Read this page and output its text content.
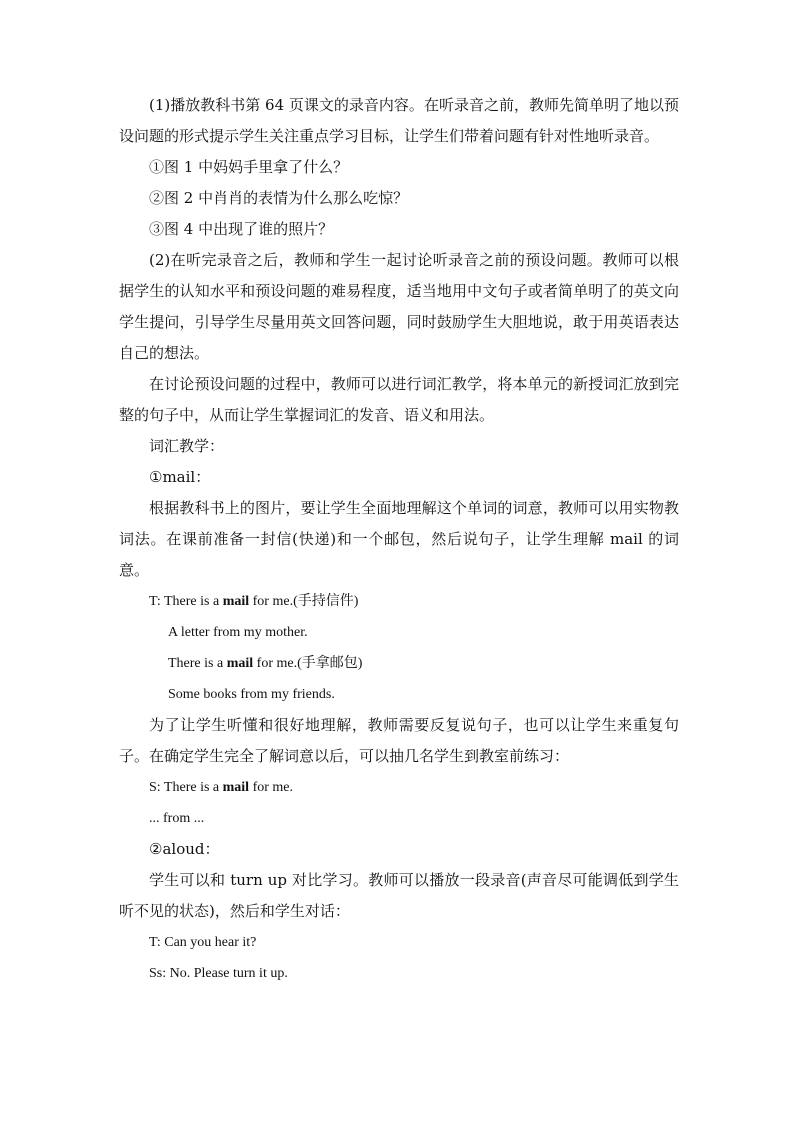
(1)播放教科书第 64 页课文的录音内容。在听录音之前，教师先简单明了地以预设问题的形式提示学生关注重点学习目标，让学生们带着问题有针对性地听录音。

①图 1 中妈妈手里拿了什么？

②图 2 中肖肖的表情为什么那么吃惊？

③图 4 中出现了谁的照片？

(2)在听完录音之后，教师和学生一起讨论听录音之前的预设问题。教师可以根据学生的认知水平和预设问题的难易程度，适当地用中文句子或者简单明了的英文向学生提问，引导学生尽量用英文回答问题，同时鼓励学生大胆地说，敢于用英语表达自己的想法。

在讨论预设问题的过程中，教师可以进行词汇教学，将本单元的新授词汇放到完整的句子中，从而让学生掌握词汇的发音、语义和用法。

词汇教学：

①mail：

根据教科书上的图片，要让学生全面地理解这个单词的词意，教师可以用实物教词法。在课前准备一封信(快递)和一个邮包，然后说句子，让学生理解 mail 的词意。

T: There is a mail for me.(手持信件)

A letter from my mother.

There is a mail for me.(手拿邮包)

Some books from my friends.

为了让学生听懂和很好地理解，教师需要反复说句子，也可以让学生来重复句子。在确定学生完全了解词意以后，可以抽几名学生到教室前练习：

S: There is a mail for me.

... from ...

②aloud：

学生可以和 turn up 对比学习。教师可以播放一段录音(声音尽可能调低到学生听不见的状态)，然后和学生对话：

T: Can you hear it?

Ss: No. Please turn it up.
